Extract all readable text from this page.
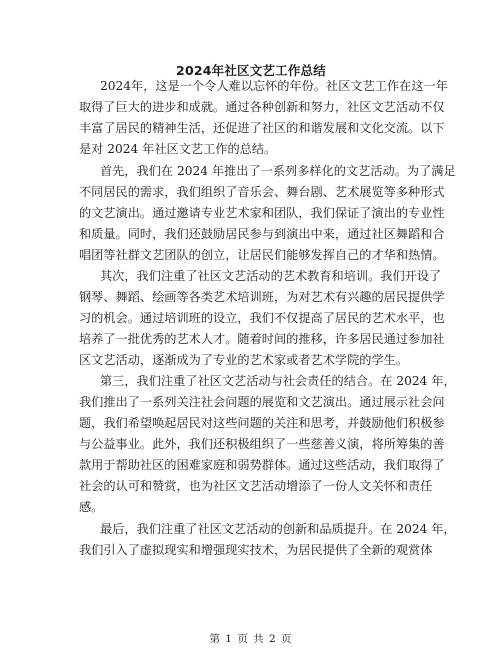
2024年社区文艺工作总结
2024年，这是一个令人难以忘怀的年份。社区文艺工作在这一年
取得了巨大的进步和成就。通过各种创新和努力，社区文艺活动不仅
丰富了居民的精神生活，还促进了社区的和谐发展和文化交流。以下
是对 2024 年社区文艺工作的总结。
首先，我们在 2024 年推出了一系列多样化的文艺活动。为了满足
不同居民的需求，我们组织了音乐会、舞台剧、艺术展览等多种形式
的文艺演出。通过邀请专业艺术家和团队，我们保证了演出的专业性
和质量。同时，我们还鼓励居民参与到演出中来，通过社区舞蹈和合
唱团等社群文艺团队的创立，让居民们能够发挥自己的才华和热情。
其次，我们注重了社区文艺活动的艺术教育和培训。我们开设了
钢琴、舞蹈、绘画等各类艺术培训班，为对艺术有兴趣的居民提供学
习的机会。通过培训班的设立，我们不仅提高了居民的艺术水平，也
培养了一批优秀的艺术人才。随着时间的推移，许多居民通过参加社
区文艺活动，逐渐成为了专业的艺术家或者艺术学院的学生。
第三，我们注重了社区文艺活动与社会责任的结合。在 2024 年，
我们推出了一系列关注社会问题的展览和文艺演出。通过展示社会问
题，我们希望唤起居民对这些问题的关注和思考，并鼓励他们积极参
与公益事业。此外，我们还积极组织了一些慈善义演，将所筹集的善
款用于帮助社区的困难家庭和弱势群体。通过这些活动，我们取得了
社会的认可和赞赏，也为社区文艺活动增添了一份人文关怀和责任
感。
最后，我们注重了社区文艺活动的创新和品质提升。在 2024 年，
我们引入了虚拟现实和增强现实技术，为居民提供了全新的观赏体
第 1 页 共 2 页
